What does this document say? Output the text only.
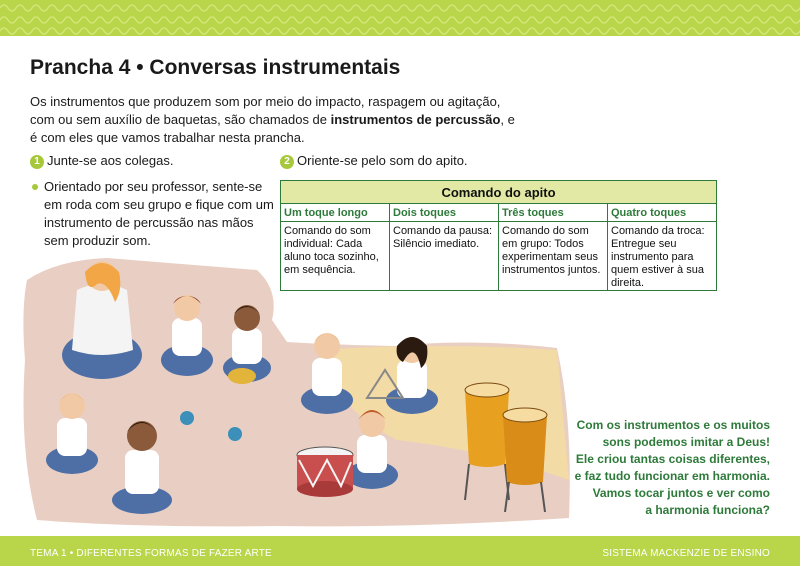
Prancha 4 • Conversas instrumentais

Os instrumentos que produzem som por meio do impacto, raspagem ou agitação, com ou sem auxílio de baquetas, são chamados de instrumentos de percussão, e é com eles que vamos trabalhar nesta prancha.

1 Junte-se aos colegas.	2 Oriente-se pelo som do apito.
Orientado por seu professor, sente-se em roda com seu grupo e fique com um instrumento de percussão nas mãos sem produzir som.
Comando do apito			
Um toque longo	Dois toques	Três toques	Quatro toques
Comando do som individual: Cada aluno toca sozinho, em sequência.	Comando da pausa: Silêncio imediato.	Comando do som em grupo: Todos experimentam seus instrumentos juntos.	Comando da troca: Entregue seu instrumento para quem estiver à sua direita.
Com os instrumentos e os muitos
sons podemos imitar a Deus!
Ele criou tantas coisas diferentes,
e faz tudo funcionar em harmonia.
Vamos tocar juntos e ver como
a harmonia funciona?
TEMA 1 • DIFERENTES FORMAS DE FAZER ARTE	SISTEMA MACKENZIE DE ENSINO
